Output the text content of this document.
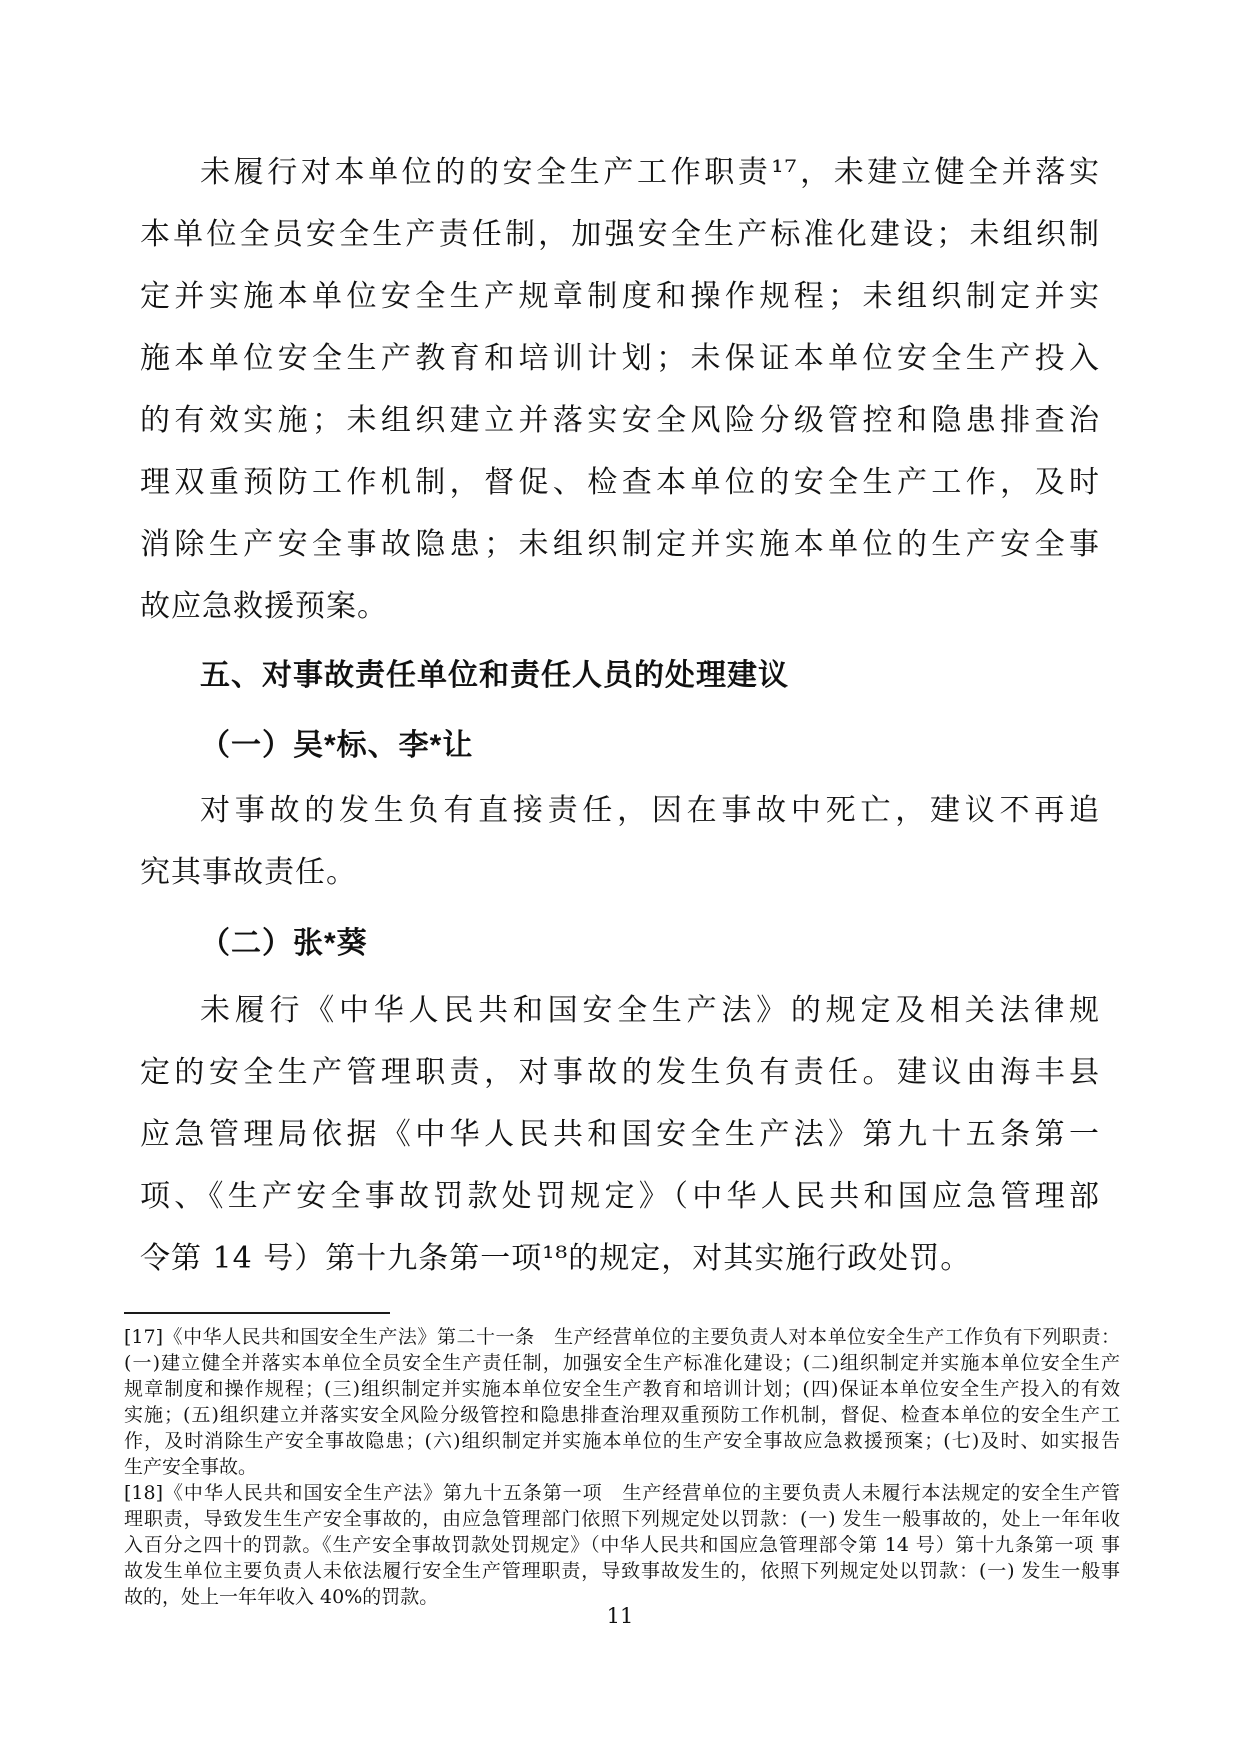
未履行对本单位的的安全生产工作职责¹⁷，未建立健全并落实
本单位全员安全生产责任制，加强安全生产标准化建设；未组织制
定并实施本单位安全生产规章制度和操作规程；未组织制定并实
施本单位安全生产教育和培训计划；未保证本单位安全生产投入
的有效实施；未组织建立并落实安全风险分级管控和隐患排查治
理双重预防工作机制，督促、检查本单位的安全生产工作，及时
消除生产安全事故隐患；未组织制定并实施本单位的生产安全事
故应急救援预案。

五、对事故责任单位和责任人员的处理建议
（一）吴*标、李*让

对事故的发生负有直接责任，因在事故中死亡，建议不再追
究其事故责任。

（二）张*葵

未履行《中华人民共和国安全生产法》的规定及相关法律规
定的安全生产管理职责，对事故的发生负有责任。建议由海丰县
应急管理局依据《中华人民共和国安全生产法》第九十五条第一
项、《生产安全事故罚款处罚规定》（中华人民共和国应急管理部
令第 14 号）第十九条第一项¹⁸的规定，对其实施行政处罚。

[17]《中华人民共和国安全生产法》第二十一条　生产经营单位的主要负责人对本单位安全生产工作负有下列职责：
(一)建立健全并落实本单位全员安全生产责任制，加强安全生产标准化建设；(二)组织制定并实施本单位安全生产
规章制度和操作规程；(三)组织制定并实施本单位安全生产教育和培训计划；(四)保证本单位安全生产投入的有效
实施；(五)组织建立并落实安全风险分级管控和隐患排查治理双重预防工作机制，督促、检查本单位的安全生产工
作，及时消除生产安全事故隐患；(六)组织制定并实施本单位的生产安全事故应急救援预案；(七)及时、如实报告
生产安全事故。

[18]《中华人民共和国安全生产法》第九十五条第一项　生产经营单位的主要负责人未履行本法规定的安全生产管
理职责，导致发生生产安全事故的，由应急管理部门依照下列规定处以罚款：(一) 发生一般事故的，处上一年年收
入百分之四十的罚款。《生产安全事故罚款处罚规定》（中华人民共和国应急管理部令第 14 号）第十九条第一项 事
故发生单位主要负责人未依法履行安全生产管理职责，导致事故发生的，依照下列规定处以罚款：(一) 发生一般事
故的，处上一年年收入 40%的罚款。

11
